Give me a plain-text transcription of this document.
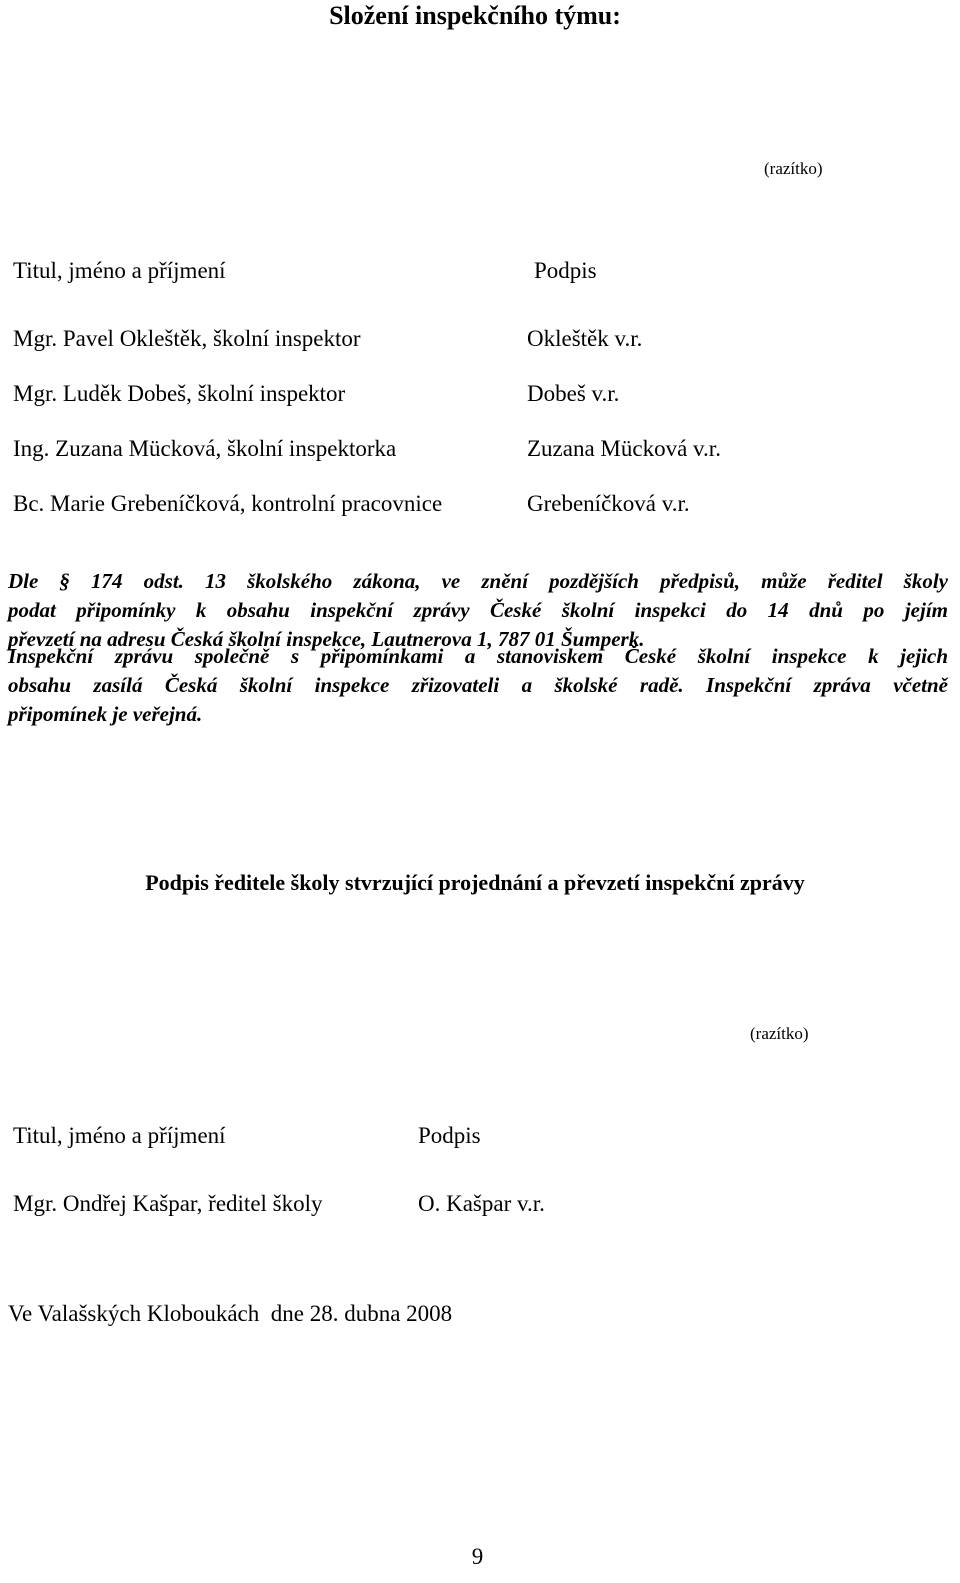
Složení inspekčního týmu:
(razítko)
Titul, jméno a příjmení	Podpis
Mgr. Pavel Okleštěk, školní inspektor	Okleštěk v.r.
Mgr. Luděk Dobeš, školní inspektor	Dobeš v.r.
Ing. Zuzana Mücková, školní inspektorka	Zuzana Mücková v.r.
Bc. Marie Grebeníčková, kontrolní pracovnice	Grebeníčková v.r.
Dle § 174 odst. 13 školského zákona, ve znění pozdějších předpisů, může ředitel školy
podat připomínky k obsahu inspekční zprávy České školní inspekci do 14 dnů po jejím
převzetí na adresu Česká školní inspekce, Lautnerova 1, 787 01 Šumperk.
Inspekční zprávu společně s připomínkami a stanoviskem České školní inspekce k jejich
obsahu zasílá Česká školní inspekce zřizovateli a školské radě. Inspekční zpráva včetně
připomínek je veřejná.
Podpis ředitele školy stvrzující projednání a převzetí inspekční zprávy
(razítko)
Titul, jméno a příjmení	Podpis
Mgr. Ondřej Kašpar, ředitel školy	O. Kašpar v.r.
Ve Valašských Kloboukách  dne 28. dubna 2008
9
